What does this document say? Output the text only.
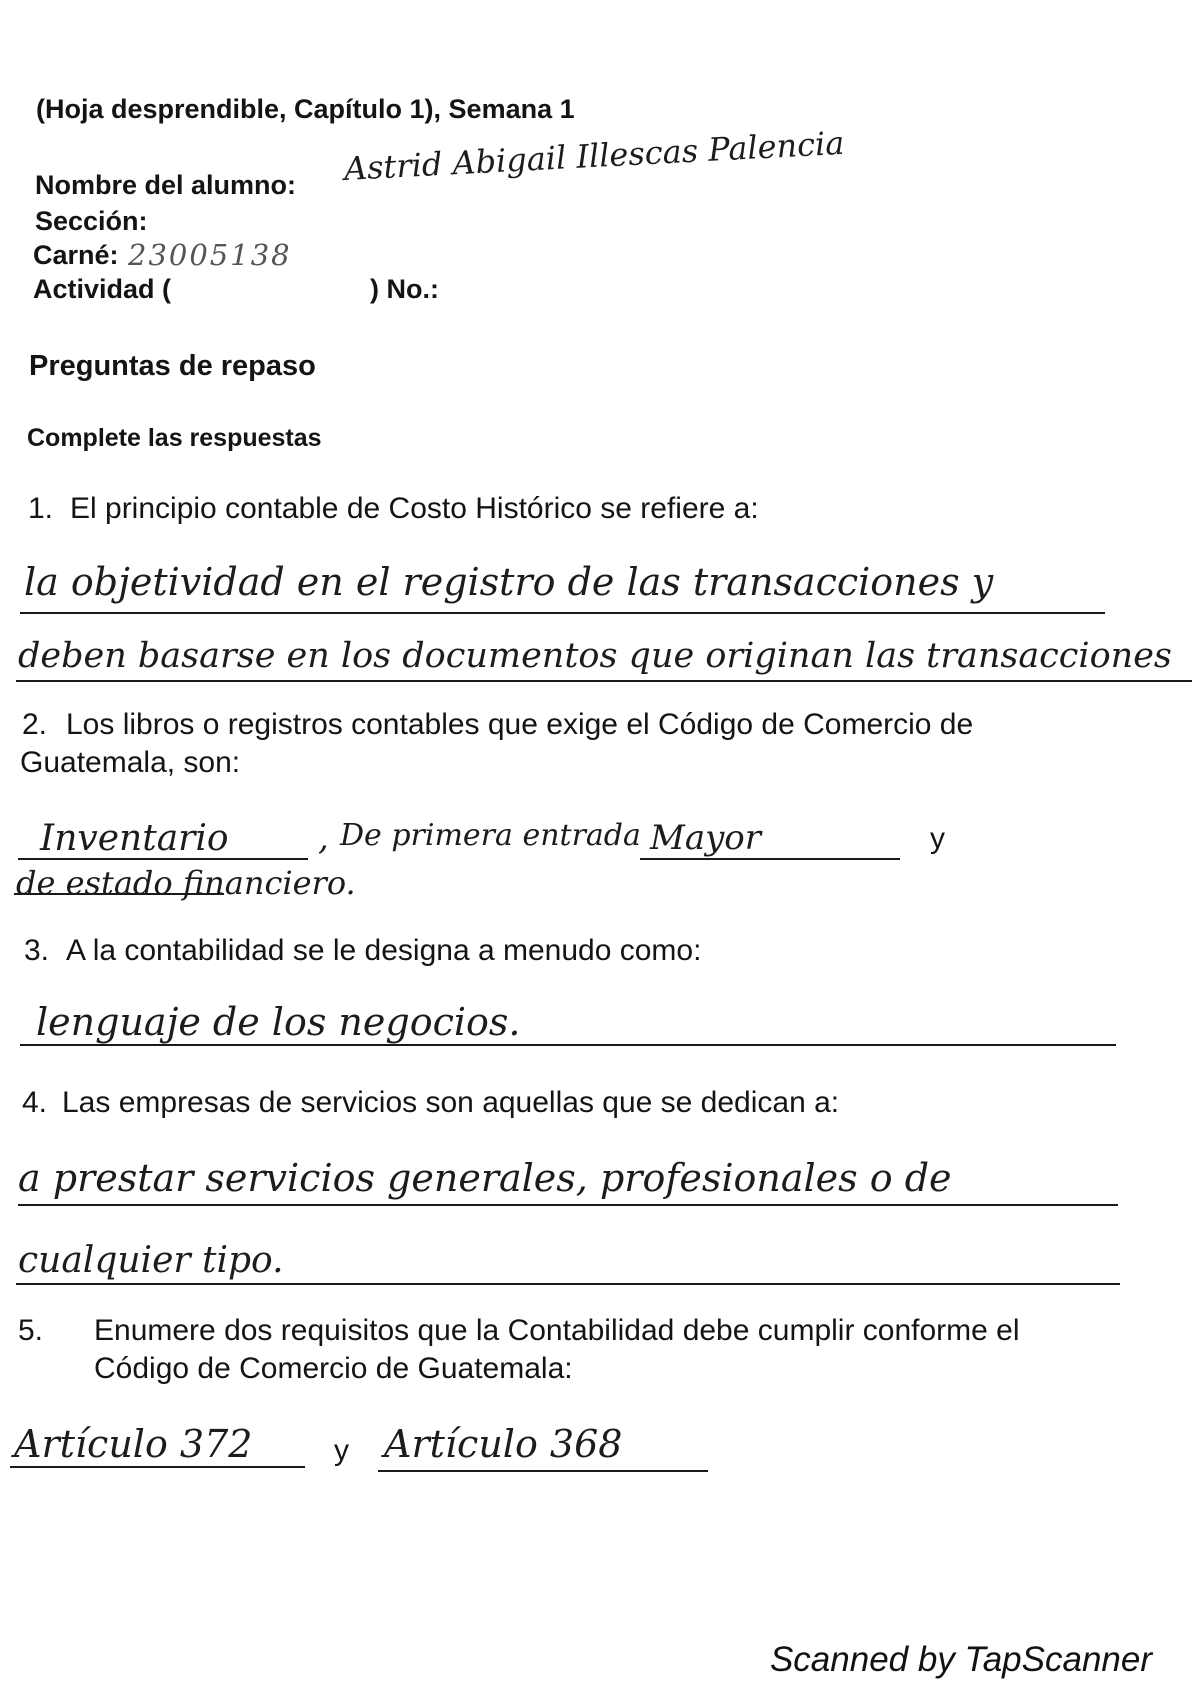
(Hoja desprendible, Capítulo 1), Semana 1
Nombre del alumno: Astrid Abigail Illescas Palencia
Sección:
Carné: 23005138
Actividad (	) No.:
Preguntas de repaso
Complete las respuestas
1. El principio contable de Costo Histórico se refiere a:
la objetividad en el registro de las transacciones y
deben basarse en los documentos que originan las transacciones
2. Los libros o registros contables que exige el Código de Comercio de
Guatemala, son:
Inventario	, De primera entrada Mayor	y
de estado financiero.
3. A la contabilidad se le designa a menudo como:
lenguaje de los negocios.
4. Las empresas de servicios son aquellas que se dedican a:
a prestar servicios generales, profesionales o de
cualquier tipo.
5. Enumere dos requisitos que la Contabilidad debe cumplir conforme el
Código de Comercio de Guatemala:
Artículo 372	y Artículo 368
Scanned by TapScanner
